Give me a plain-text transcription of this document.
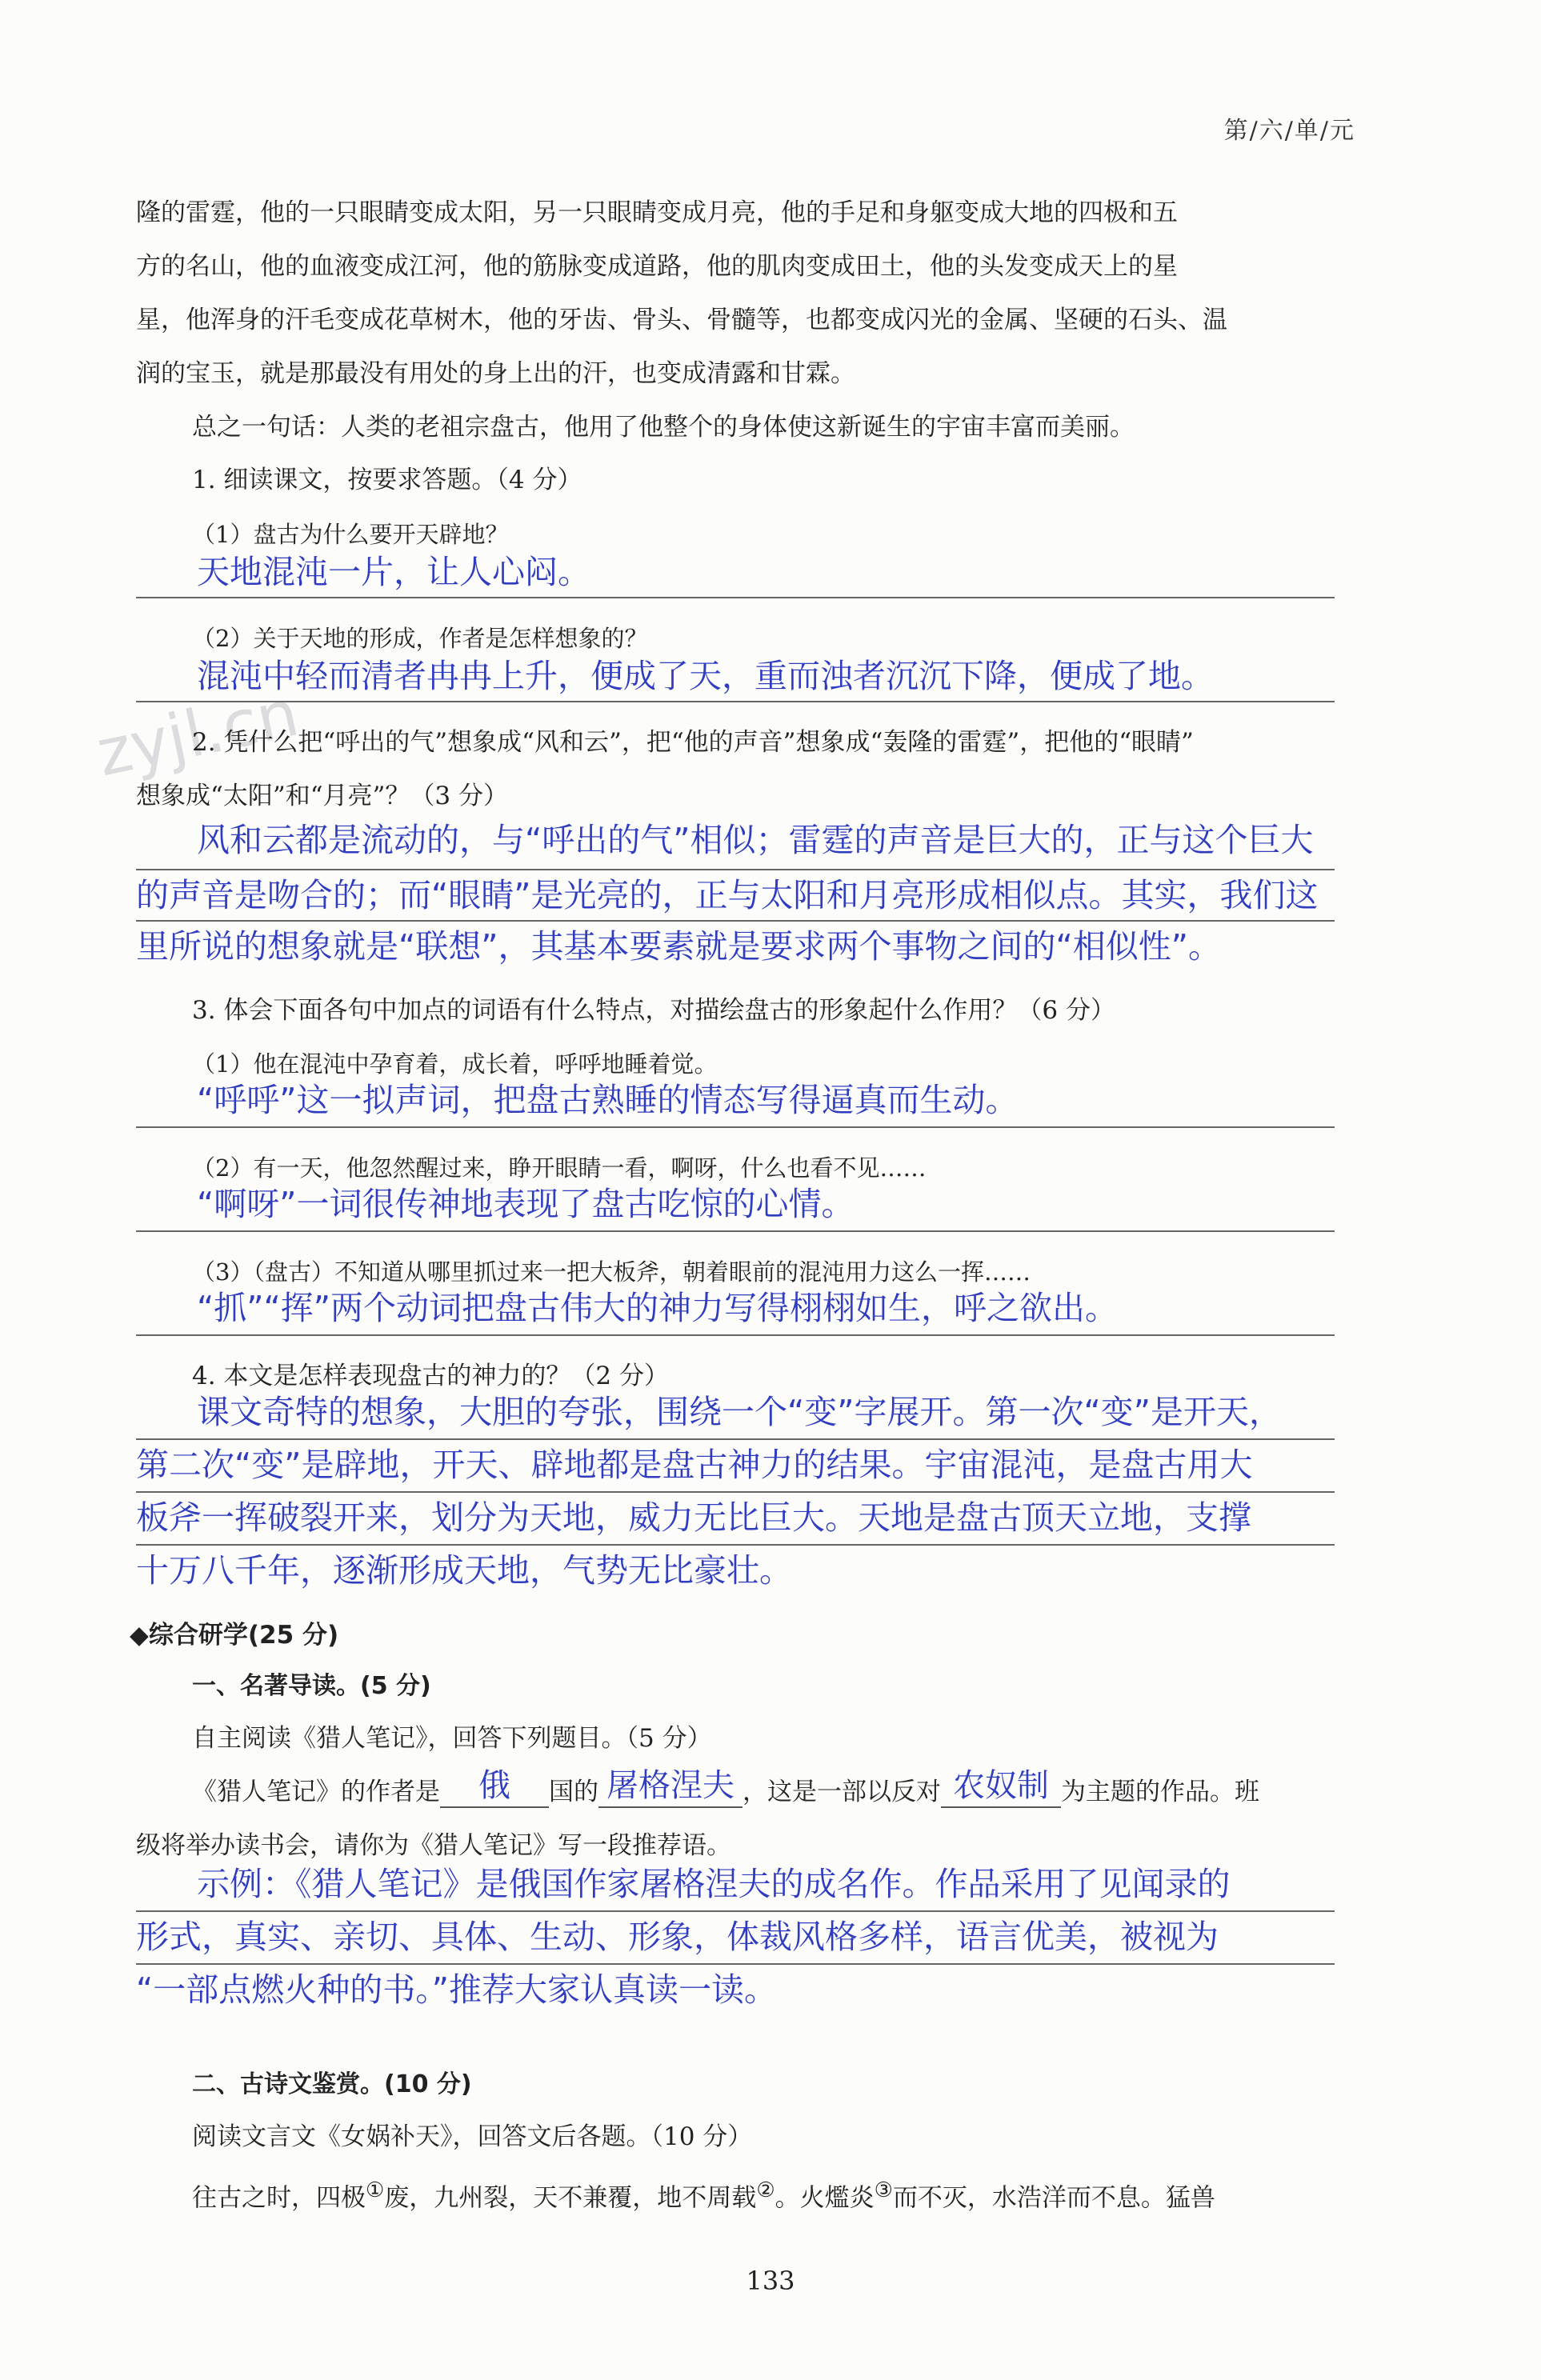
第/六/单/元
zyjl.cn
隆的雷霆，他的一只眼睛变成太阳，另一只眼睛变成月亮，他的手足和身躯变成大地的四极和五
方的名山，他的血液变成江河，他的筋脉变成道路，他的肌肉变成田土，他的头发变成天上的星
星，他浑身的汗毛变成花草树木，他的牙齿、骨头、骨髓等，也都变成闪光的金属、坚硬的石头、温
润的宝玉，就是那最没有用处的身上出的汗，也变成清露和甘霖。
总之一句话：人类的老祖宗盘古，他用了他整个的身体使这新诞生的宇宙丰富而美丽。
1. 细读课文，按要求答题。（4 分）
（1）盘古为什么要开天辟地？
天地混沌一片，让人心闷。
（2）关于天地的形成，作者是怎样想象的？
混沌中轻而清者冉冉上升，便成了天，重而浊者沉沉下降，便成了地。
2. 凭什么把“呼出的气”想象成“风和云”，把“他的声音”想象成“轰隆的雷霆”，把他的“眼睛”
想象成“太阳”和“月亮”？（3 分）
风和云都是流动的，与“呼出的气”相似；雷霆的声音是巨大的，正与这个巨大
的声音是吻合的；而“眼睛”是光亮的，正与太阳和月亮形成相似点。其实，我们这
里所说的想象就是“联想”，其基本要素就是要求两个事物之间的“相似性”。
3. 体会下面各句中加点的词语有什么特点，对描绘盘古的形象起什么作用？（6 分）
（1）他在混沌中孕育着，成长着，呼呼地睡着觉。
“呼呼”这一拟声词，把盘古熟睡的情态写得逼真而生动。
（2）有一天，他忽然醒过来，睁开眼睛一看，啊呀，什么也看不见……
“啊呀”一词很传神地表现了盘古吃惊的心情。
（3）（盘古）不知道从哪里抓过来一把大板斧，朝着眼前的混沌用力这么一挥……
“抓”“挥”两个动词把盘古伟大的神力写得栩栩如生，呼之欲出。
4. 本文是怎样表现盘古的神力的？（2 分）
课文奇特的想象，大胆的夸张，围绕一个“变”字展开。第一次“变”是开天，
第二次“变”是辟地，开天、辟地都是盘古神力的结果。宇宙混沌，是盘古用大
板斧一挥破裂开来，划分为天地，威力无比巨大。天地是盘古顶天立地，支撑
十万八千年，逐渐形成天地，气势无比豪壮。
◆综合研学(25 分)
一、名著导读。(5 分)
自主阅读《猎人笔记》，回答下列题目。（5 分）
《猎人笔记》的作者是	俄	国的 屠格涅夫 ，这是一部以反对 农奴制 为主题的作品。班
级将举办读书会，请你为《猎人笔记》写一段推荐语。
示例：《猎人笔记》是俄国作家屠格涅夫的成名作。作品采用了见闻录的
形式，真实、亲切、具体、生动、形象，体裁风格多样，语言优美，被视为
“一部点燃火种的书。”推荐大家认真读一读。
二、古诗文鉴赏。(10 分)
阅读文言文《女娲补天》，回答文后各题。（10 分）
往古之时，四极①废，九州裂，天不兼覆，地不周载②。火爁炎③而不灭，水浩洋而不息。猛兽
133
